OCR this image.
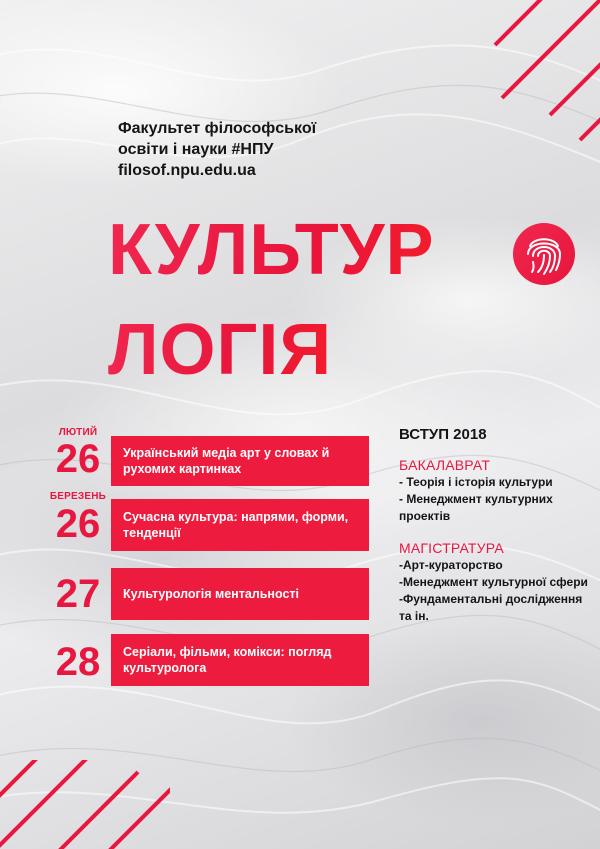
Факультет філософської
освіти і науки #НПУ
filosof.npu.edu.ua
КУЛЬТУР
ЛОГІЯ
ЛЮТИЙ
26	Український медіа арт у словах й рухомих картинках
БЕРЕЗЕНЬ
26	Сучасна культура: напрями, форми, тенденції
27	Культурологія ментальності
28	Серіали, фільми, комікси: погляд культуролога
ВСТУП 2018
БАКАЛАВРАТ
- Теорія і історія культури
- Менеджмент культурних проектів
МАГІСТРАТУРА
-Арт-кураторство
-Менеджмент культурної сфери
-Фундаментальні дослідження
та ін.
